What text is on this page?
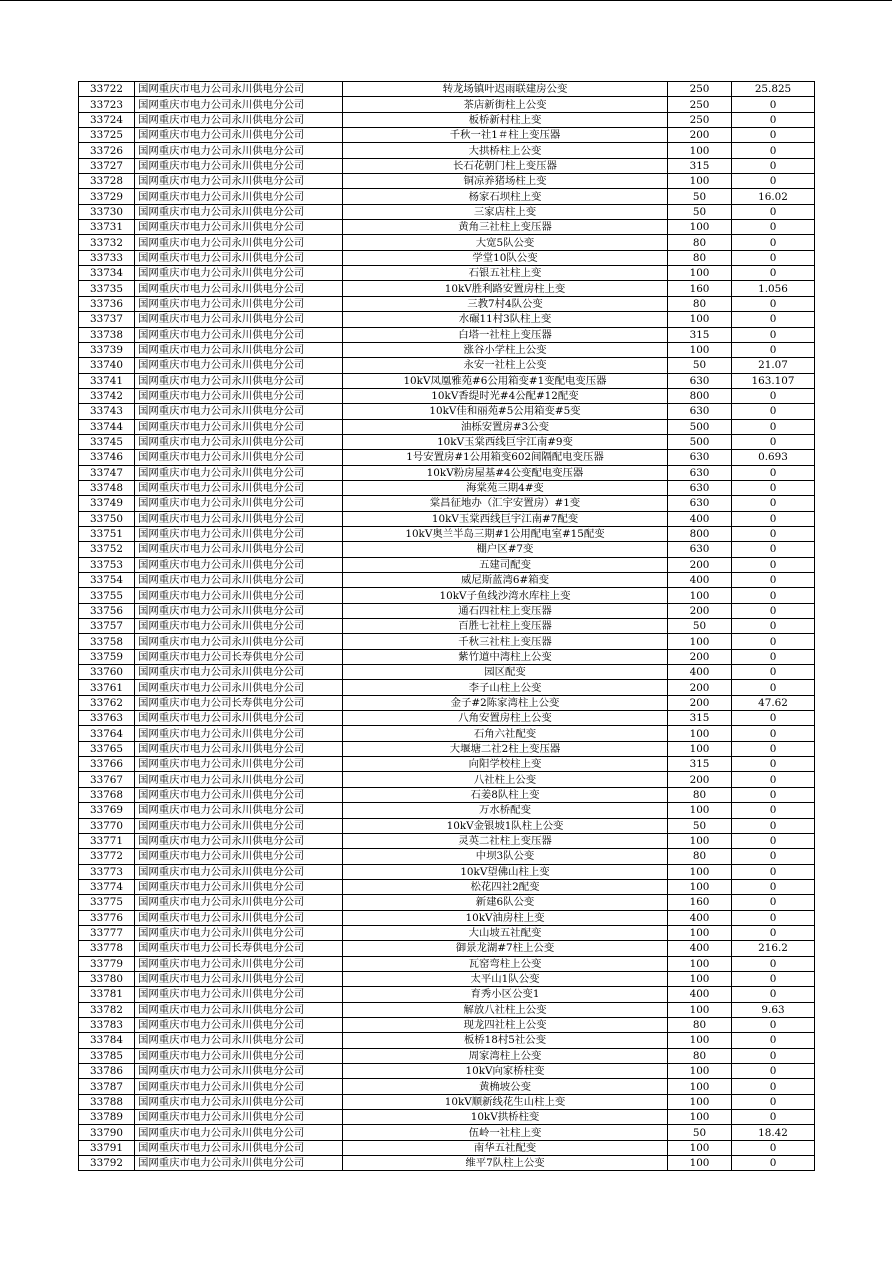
33722	国网重庆市电力公司永川供电分公司	转龙场镇叶迟雨联建房公变	250	25.825
33723	国网重庆市电力公司永川供电分公司	茶店新街柱上公变	250	0
33724	国网重庆市电力公司永川供电分公司	板桥新村柱上变	250	0
33725	国网重庆市电力公司永川供电分公司	千秋一社1＃柱上变压器	200	0
33726	国网重庆市电力公司永川供电分公司	大拱桥柱上公变	100	0
33727	国网重庆市电力公司永川供电分公司	长石花朝门柱上变压器	315	0
33728	国网重庆市电力公司永川供电分公司	铜凉养猪场柱上变	100	0
33729	国网重庆市电力公司永川供电分公司	杨家石坝柱上变	50	16.02
33730	国网重庆市电力公司永川供电分公司	三家店柱上变	50	0
33731	国网重庆市电力公司永川供电分公司	黄角三社柱上变压器	100	0
33732	国网重庆市电力公司永川供电分公司	大宽5队公变	80	0
33733	国网重庆市电力公司永川供电分公司	学堂10队公变	80	0
33734	国网重庆市电力公司永川供电分公司	石银五社柱上变	100	0
33735	国网重庆市电力公司永川供电分公司	10kV胜利路安置房柱上变	160	1.056
33736	国网重庆市电力公司永川供电分公司	三教7村4队公变	80	0
33737	国网重庆市电力公司永川供电分公司	水碾11村3队柱上变	100	0
33738	国网重庆市电力公司永川供电分公司	白塔一社柱上变压器	315	0
33739	国网重庆市电力公司永川供电分公司	涨谷小学柱上公变	100	0
33740	国网重庆市电力公司永川供电分公司	永安一社柱上公变	50	21.07
33741	国网重庆市电力公司永川供电分公司	10kV凤凰雅苑#6公用箱变#1变配电变压器	630	163.107
33742	国网重庆市电力公司永川供电分公司	10kV香缇时光#4公配#12配变	800	0
33743	国网重庆市电力公司永川供电分公司	10kV佳和丽苑#5公用箱变#5变	630	0
33744	国网重庆市电力公司永川供电分公司	油栎安置房#3公变	500	0
33745	国网重庆市电力公司永川供电分公司	10kV玉棠西线巨宇江南#9变	500	0
33746	国网重庆市电力公司永川供电分公司	1号安置房#1公用箱变602间隔配电变压器	630	0.693
33747	国网重庆市电力公司永川供电分公司	10kV粉房屋基#4公变配电变压器	630	0
33748	国网重庆市电力公司永川供电分公司	海棠苑三期4#变	630	0
33749	国网重庆市电力公司永川供电分公司	棠昌征地办（汇宇安置房）#1变	630	0
33750	国网重庆市电力公司永川供电分公司	10kV玉棠西线巨宇江南#7配变	400	0
33751	国网重庆市电力公司永川供电分公司	10kV奥兰半岛三期#1公用配电室#15配变	800	0
33752	国网重庆市电力公司永川供电分公司	棚户区#7变	630	0
33753	国网重庆市电力公司永川供电分公司	五建司配变	200	0
33754	国网重庆市电力公司永川供电分公司	威尼斯蓝湾6#箱变	400	0
33755	国网重庆市电力公司永川供电分公司	10kV子鱼线沙湾水库柱上变	100	0
33756	国网重庆市电力公司永川供电分公司	通石四社柱上变压器	200	0
33757	国网重庆市电力公司永川供电分公司	百胜七社柱上变压器	50	0
33758	国网重庆市电力公司永川供电分公司	千秋三社柱上变压器	100	0
33759	国网重庆市电力公司长寿供电分公司	紫竹道中湾柱上公变	200	0
33760	国网重庆市电力公司永川供电分公司	园区配变	400	0
33761	国网重庆市电力公司永川供电分公司	李子山柱上公变	200	0
33762	国网重庆市电力公司长寿供电分公司	金子#2陈家湾柱上公变	200	47.62
33763	国网重庆市电力公司永川供电分公司	八角安置房柱上公变	315	0
33764	国网重庆市电力公司永川供电分公司	石角六社配变	100	0
33765	国网重庆市电力公司永川供电分公司	大堰塘二社2柱上变压器	100	0
33766	国网重庆市电力公司永川供电分公司	向阳学校柱上变	315	0
33767	国网重庆市电力公司永川供电分公司	八社柱上公变	200	0
33768	国网重庆市电力公司永川供电分公司	石姜8队柱上变	80	0
33769	国网重庆市电力公司永川供电分公司	万水桥配变	100	0
33770	国网重庆市电力公司永川供电分公司	10kV金银坡1队柱上公变	50	0
33771	国网重庆市电力公司永川供电分公司	灵英二社柱上变压器	100	0
33772	国网重庆市电力公司永川供电分公司	中坝3队公变	80	0
33773	国网重庆市电力公司永川供电分公司	10kV望佛山柱上变	100	0
33774	国网重庆市电力公司永川供电分公司	松花四社2配变	100	0
33775	国网重庆市电力公司永川供电分公司	新建6队公变	160	0
33776	国网重庆市电力公司永川供电分公司	10kV油房柱上变	400	0
33777	国网重庆市电力公司永川供电分公司	大山坡五社配变	100	0
33778	国网重庆市电力公司长寿供电分公司	御景龙湖#7柱上公变	400	216.2
33779	国网重庆市电力公司永川供电分公司	瓦窑弯柱上公变	100	0
33780	国网重庆市电力公司永川供电分公司	太平山1队公变	100	0
33781	国网重庆市电力公司永川供电分公司	育秀小区公变1	400	0
33782	国网重庆市电力公司永川供电分公司	解放八社柱上公变	100	9.63
33783	国网重庆市电力公司永川供电分公司	现龙四社柱上公变	80	0
33784	国网重庆市电力公司永川供电分公司	板桥18村5社公变	100	0
33785	国网重庆市电力公司永川供电分公司	周家湾柱上公变	80	0
33786	国网重庆市电力公司永川供电分公司	10kV向家桥柱变	100	0
33787	国网重庆市电力公司永川供电分公司	黄桷坡公变	100	0
33788	国网重庆市电力公司永川供电分公司	10kV顺新线花生山柱上变	100	0
33789	国网重庆市电力公司永川供电分公司	10kV拱桥柱变	100	0
33790	国网重庆市电力公司永川供电分公司	伍岭一社柱上变	50	18.42
33791	国网重庆市电力公司永川供电分公司	南华五社配变	100	0
33792	国网重庆市电力公司永川供电分公司	维平7队柱上公变	100	0
